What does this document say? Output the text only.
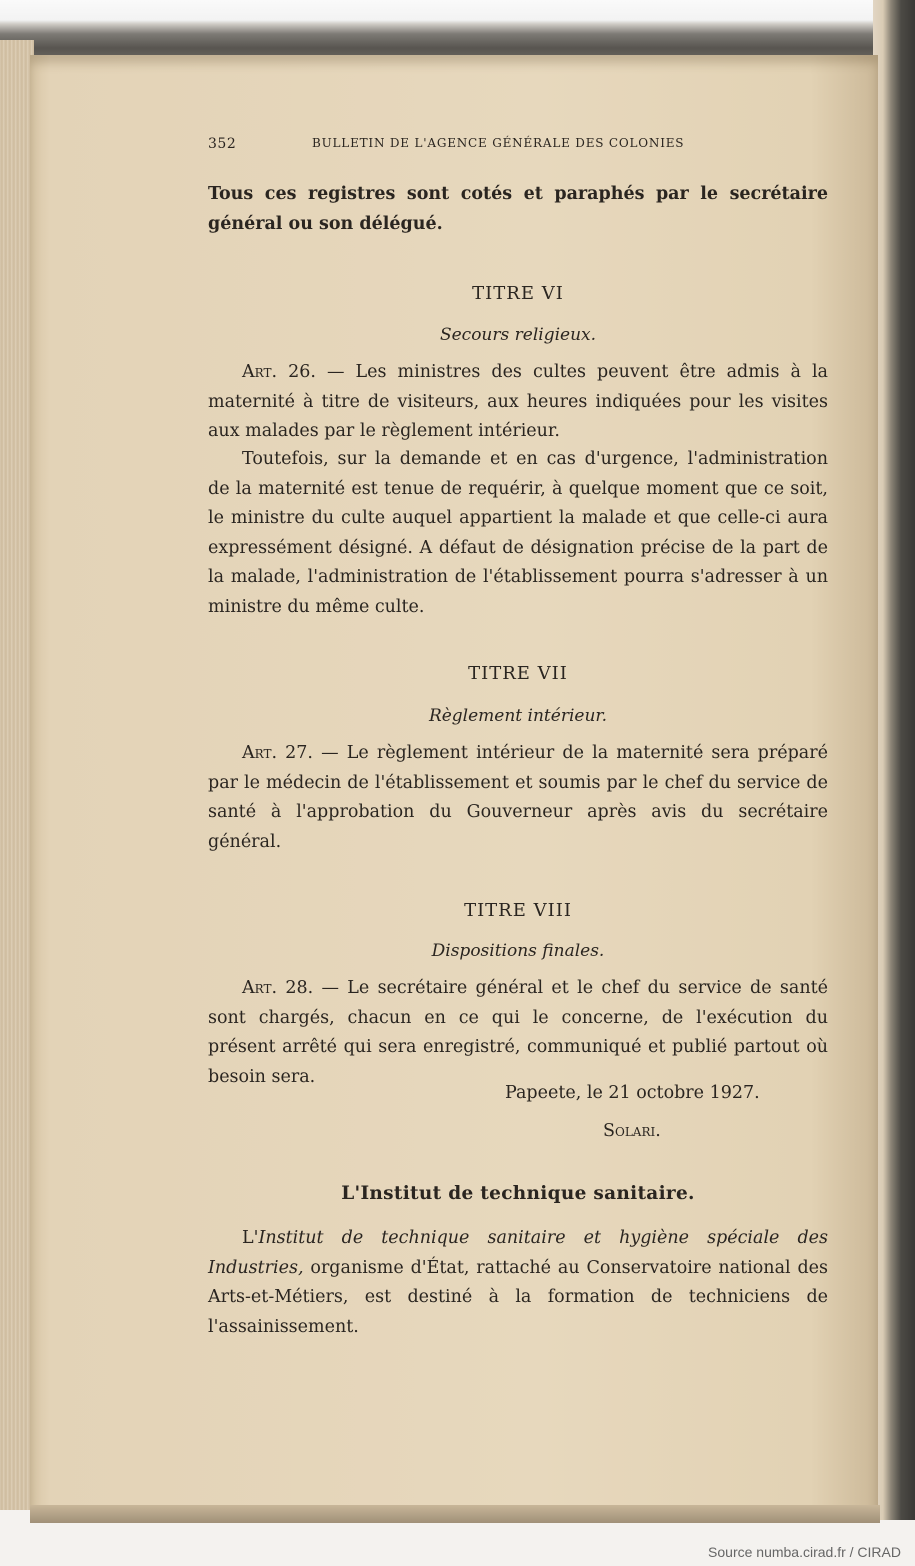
352	BULLETIN DE L'AGENCE GÉNÉRALE DES COLONIES
Tous ces registres sont cotés et paraphés par le secrétaire général ou son délégué.
TITRE VI
Secours religieux.
Art. 26. — Les ministres des cultes peuvent être admis à la maternité à titre de visiteurs, aux heures indiquées pour les visites aux malades par le règlement intérieur.
Toutefois, sur la demande et en cas d'urgence, l'administration de la maternité est tenue de requérir, à quelque moment que ce soit, le ministre du culte auquel appartient la malade et que celle-ci aura expressément désigné. A défaut de désignation précise de la part de la malade, l'administration de l'établissement pourra s'adresser à un ministre du même culte.
TITRE VII
Règlement intérieur.
Art. 27. — Le règlement intérieur de la maternité sera préparé par le médecin de l'établissement et soumis par le chef du service de santé à l'approbation du Gouverneur après avis du secrétaire général.
TITRE VIII
Dispositions finales.
Art. 28. — Le secrétaire général et le chef du service de santé sont chargés, chacun en ce qui le concerne, de l'exécution du présent arrêté qui sera enregistré, communiqué et publié partout où besoin sera.
Papeete, le 21 octobre 1927.
Solari.
L'Institut de technique sanitaire.
L'Institut de technique sanitaire et hygiène spéciale des Industries, organisme d'État, rattaché au Conservatoire national des Arts-et-Métiers, est destiné à la formation de techniciens de l'assainissement.
Source numba.cirad.fr / CIRAD
